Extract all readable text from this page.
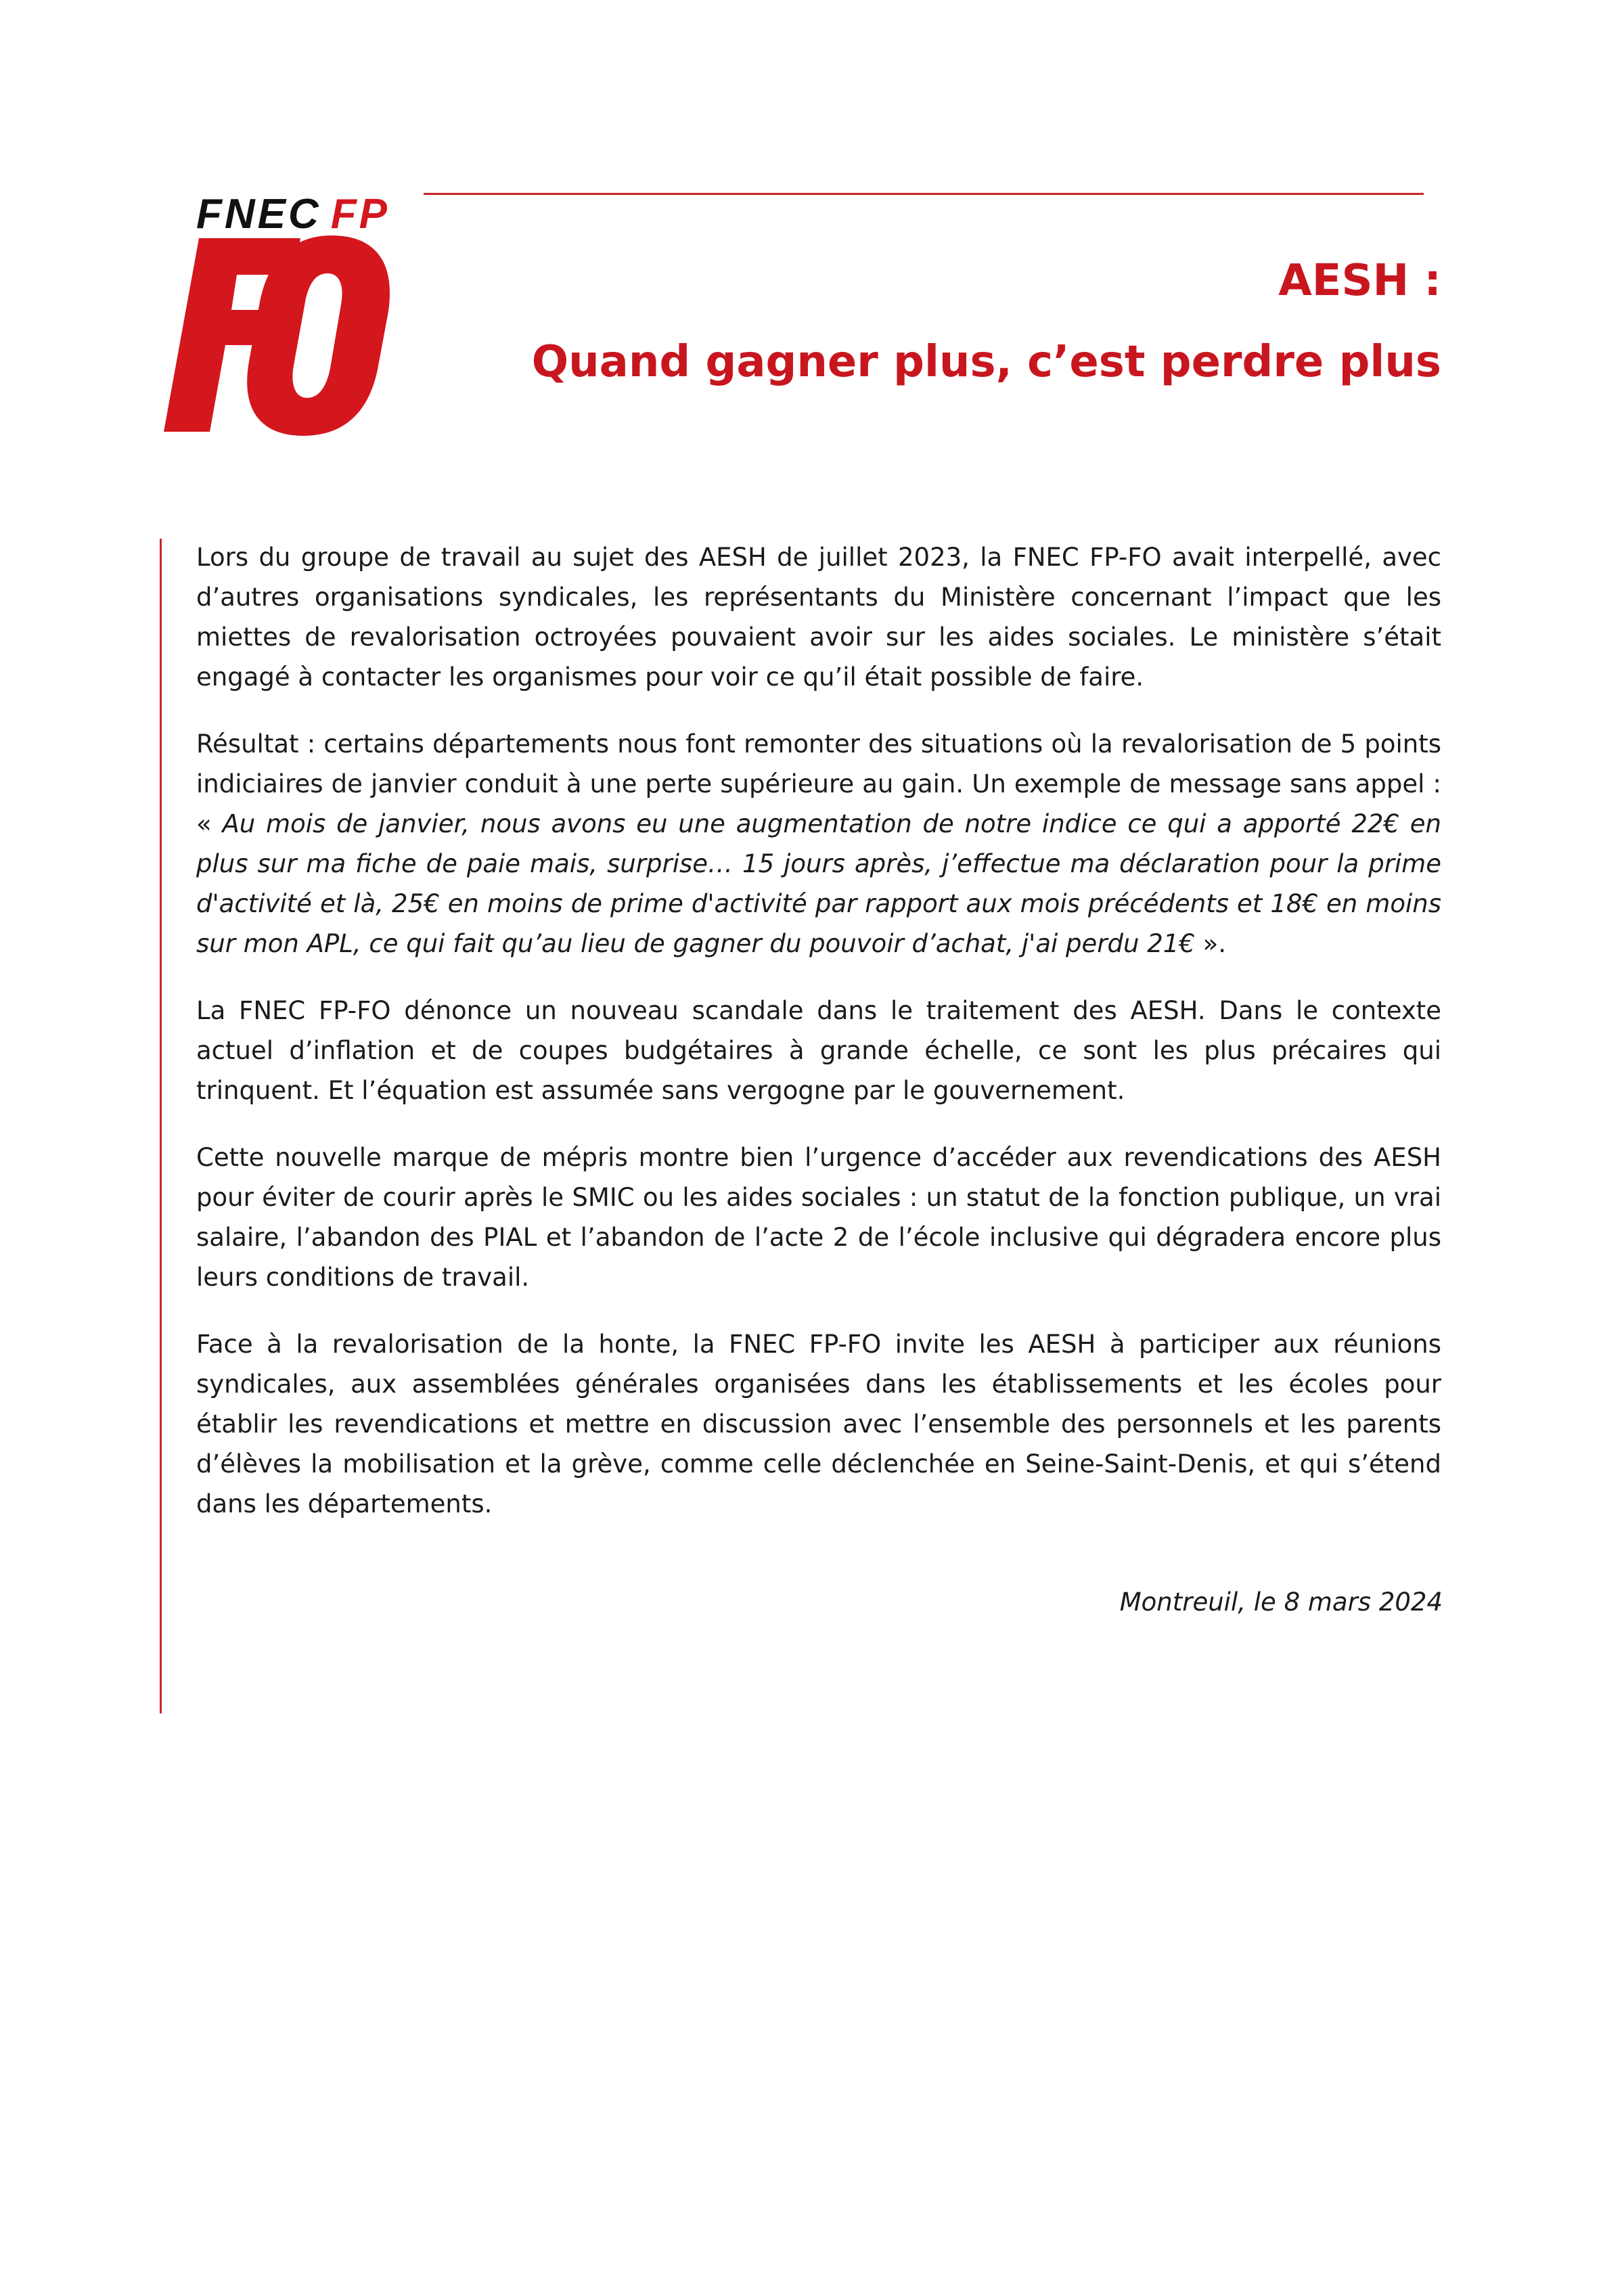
FNEC FP
AESH :
Quand gagner plus, c’est perdre plus

Lors du groupe de travail au sujet des AESH de juillet 2023, la FNEC FP-FO avait interpellé, avec d’autres organisations syndicales, les représentants du Ministère concernant l’impact que les miettes de revalorisation octroyées pouvaient avoir sur les aides sociales. Le ministère s’était engagé à contacter les organismes pour voir ce qu’il était possible de faire.

Résultat : certains départements nous font remonter des situations où la revalorisation de 5 points indiciaires de janvier conduit à une perte supérieure au gain. Un exemple de message sans appel : « Au mois de janvier, nous avons eu une augmentation de notre indice ce qui a apporté 22€ en plus sur ma fiche de paie mais, surprise… 15 jours après, j’effectue ma déclaration pour la prime d'activité et là, 25€ en moins de prime d'activité par rapport aux mois précédents et 18€ en moins sur mon APL, ce qui fait qu’au lieu de gagner du pouvoir d’achat, j'ai perdu 21€ ».

La FNEC FP-FO dénonce un nouveau scandale dans le traitement des AESH. Dans le contexte actuel d’inflation et de coupes budgétaires à grande échelle, ce sont les plus précaires qui trinquent. Et l’équation est assumée sans vergogne par le gouvernement.

Cette nouvelle marque de mépris montre bien l’urgence d’accéder aux revendications des AESH pour éviter de courir après le SMIC ou les aides sociales : un statut de la fonction publique, un vrai salaire, l’abandon des PIAL et l’abandon de l’acte 2 de l’école inclusive qui dégradera encore plus leurs conditions de travail.

Face à la revalorisation de la honte, la FNEC FP-FO invite les AESH à participer aux réunions syndicales, aux assemblées générales organisées dans les établissements et les écoles pour établir les revendications et mettre en discussion avec l’ensemble des personnels et les parents d’élèves la mobilisation et la grève, comme celle déclenchée en Seine-Saint-Denis, et qui s’étend dans les départements.

Montreuil, le 8 mars 2024
